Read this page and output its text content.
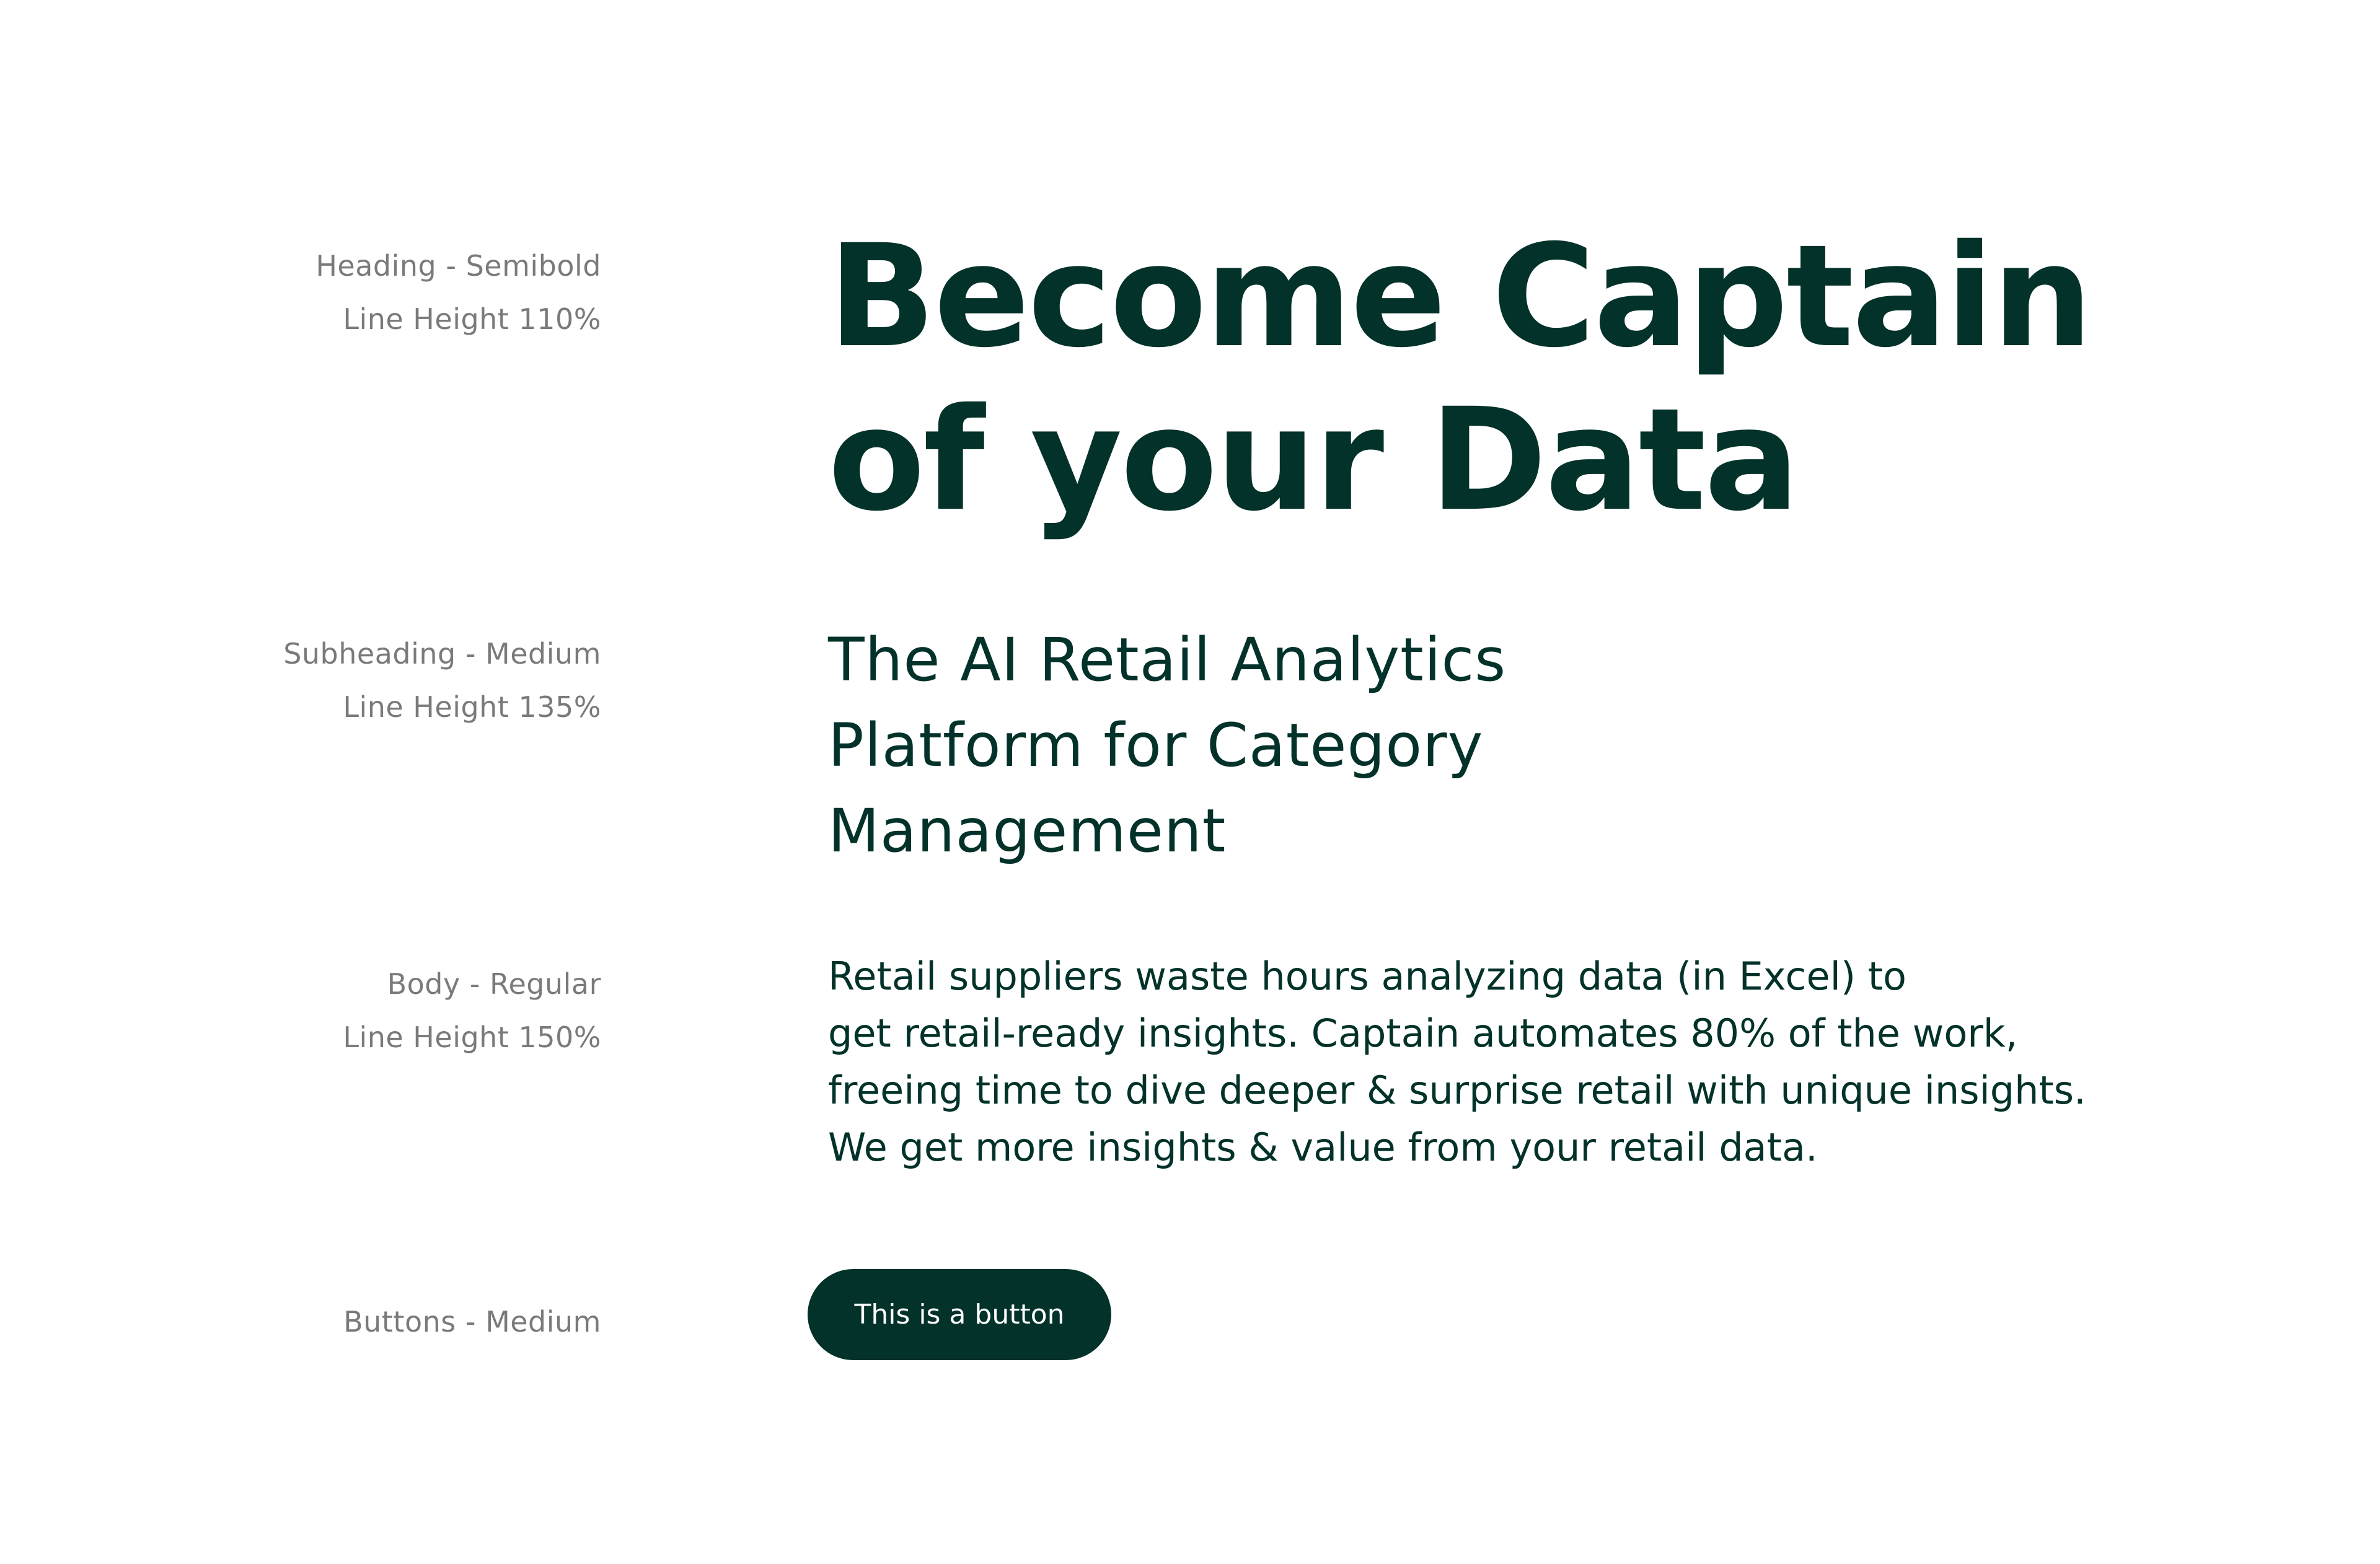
Heading - Semibold
Line Height 110%
Subheading - Medium
Line Height 135%
Body - Regular
Line Height 150%
Buttons - Medium
Become Captain
of your Data
The AI Retail Analytics
Platform for Category
Management

Retail suppliers waste hours analyzing data (in Excel) to
get retail-ready insights. Captain automates 80% of the work,
freeing time to dive deeper & surprise retail with unique insights.
We get more insights & value from your retail data.

This is a button
